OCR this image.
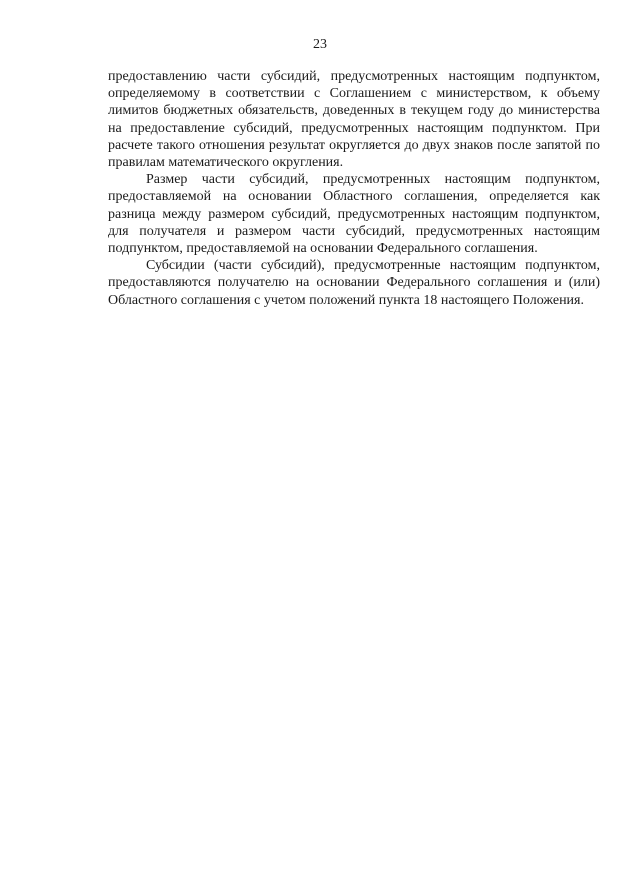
23

предоставлению части субсидий, предусмотренных настоящим подпунктом, определяемому в соответствии с Соглашением с министерством, к объему лимитов бюджетных обязательств, доведенных в текущем году до министерства на предоставление субсидий, предусмотренных настоящим подпунктом. При расчете такого отношения результат округляется до двух знаков после запятой по правилам математического округления.

Размер части субсидий, предусмотренных настоящим подпунктом, предоставляемой на основании Областного соглашения, определяется как разница между размером субсидий, предусмотренных настоящим подпунктом, для получателя и размером части субсидий, предусмотренных настоящим подпунктом, предоставляемой на основании Федерального соглашения.

Субсидии (части субсидий), предусмотренные настоящим подпунктом, предоставляются получателю на основании Федерального соглашения и (или) Областного соглашения с учетом положений пункта 18 настоящего Положения.
